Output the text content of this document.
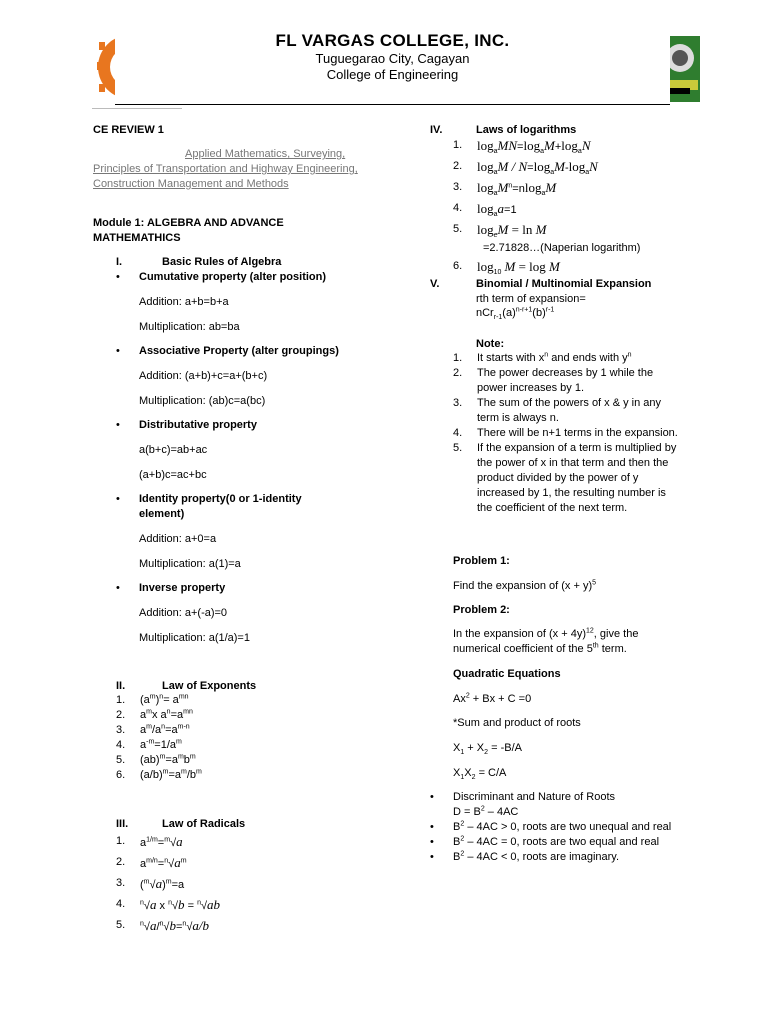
FL VARGAS COLLEGE, INC.
Tuguegarao City, Cagayan
College of Engineering
CE REVIEW 1
Applied Mathematics, Surveying, Principles of Transportation and Highway Engineering, Construction Management and Methods
Module 1: ALGEBRA AND ADVANCE MATHEMATHICS
I.	Basic Rules of Algebra
• Cumutative property (alter position)
Addition: a+b=b+a
Multiplication: ab=ba
• Associative Property (alter groupings)
Addition: (a+b)+c=a+(b+c)
Multiplication: (ab)c=a(bc)
• Distributative property
a(b+c)=ab+ac
(a+b)c=ac+bc
• Identity property(0 or 1-identity element)
Addition: a+0=a
Multiplication: a(1)=a
• Inverse property
Addition: a+(-a)=0
Multiplication: a(1/a)=1
II.	Law of Exponents
1. $(a^m)^n= a^{mn}$
2. $a^mx$ $a^n=a^{mn}$
3. $a^m/a^n=a^{m-n}$
4. $a^{-m}=1/a^m$
5. $(ab)^m=a^mb^m$
6. $(a/b)^m=a^m/b^m$
III.	Law of Radicals
1. $a^{1/m}=^m√a$
2. $a^{m/n}=^n√a^m$
3. $(^m√a)^m=a$
4. $^n$√a x $^n$√b = $^n$√ab
5. $^n$√a/$^n$√b=$^n$√a/b
IV.	Laws of logarithms
1. $\log_aMN=\log_aM+\log_aN$
2. $\log_aM / N=\log_aM-\log_aN$
3. $\log_aM^n=nlog_aM$
4. $\log_aa=1$
5. $\log_eM = \ln M$
=2.71828…(Naperian logarithm)
6. $\log_{10} M = \log M$
V.	Binomial / Multinomial Expansion
rth term of expansion=
$nCr_{r-1}(a)^{n-r+1}(b)^{r-1}$
Note:
1. It starts with $x^n$ and ends with $y^n$
2. The power decreases by 1 while the power increases by 1.
3. The sum of the powers of x & y in any term is always n.
4. There will be n+1 terms in the expansion.
5. If the expansion of a term is multiplied by the power of x in that term and then the product divided by the power of y increased by 1, the resulting number is the coefficient of the next term.
Problem 1:
Find the expansion of $(x + y)^5$
Problem 2:
In the expansion of $(x + 4y)^{12}$, give the numerical coefficient of the 5th term.
Quadratic Equations
$Ax^2 + Bx + C =0$
*Sum and product of roots
$X_1 + X_2 = -B/A$
$X_1X_2 = C/A$
• Discriminant and Nature of Roots
$D = B^2 - 4AC$
• $B^2 - 4AC > 0$, roots are two unequal and real
• $B^2 - 4AC = 0$, roots are two equal and real
• $B^2 - 4AC < 0$, roots are imaginary.
